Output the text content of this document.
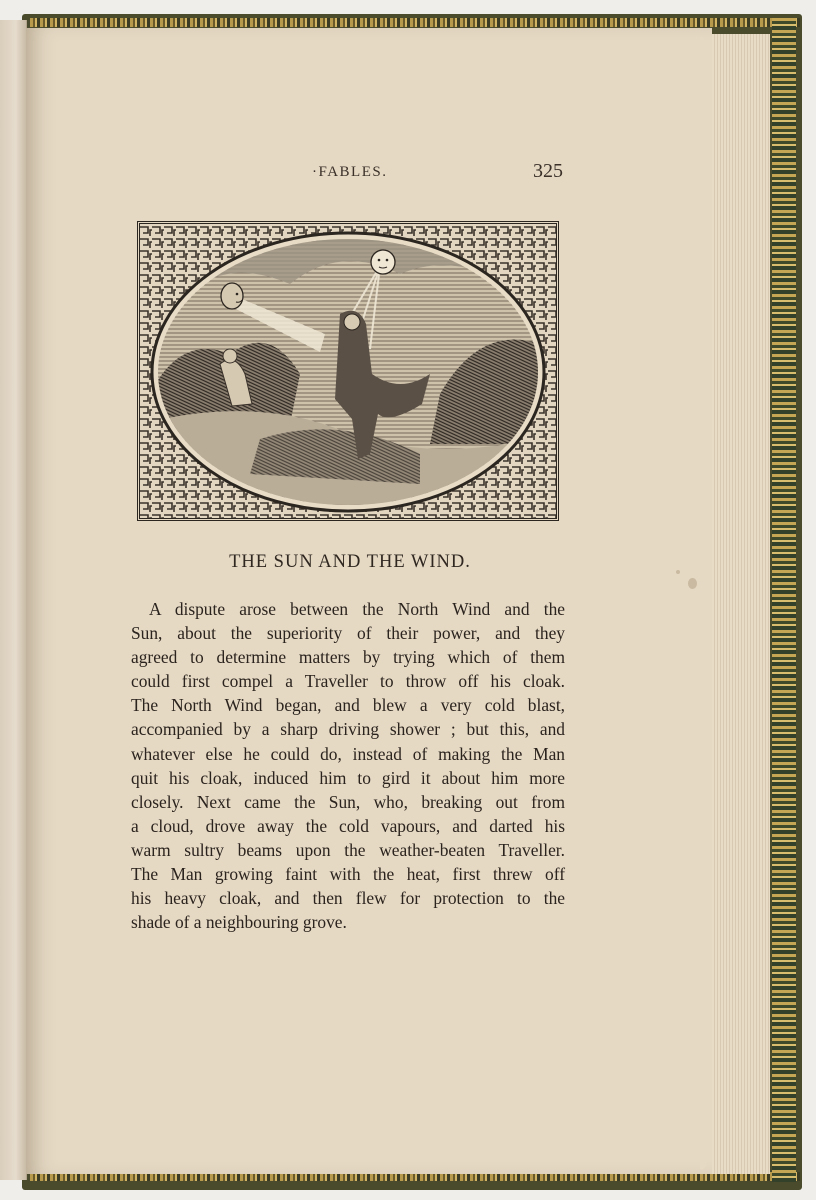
·FABLES.	325
THE SUN AND THE WIND.
A dispute arose between the North Wind and the
Sun, about the superiority of their power, and they
agreed to determine matters by trying which of them
could first compel a Traveller to throw off his cloak.
The North Wind began, and blew a very cold blast,
accompanied by a sharp driving shower ; but this, and
whatever else he could do, instead of making the Man
quit his cloak, induced him to gird it about him more
closely. Next came the Sun, who, breaking out from
a cloud, drove away the cold vapours, and darted his
warm sultry beams upon the weather-beaten Traveller.
The Man growing faint with the heat, first threw off
his heavy cloak, and then flew for protection to the
shade of a neighbouring grove.
